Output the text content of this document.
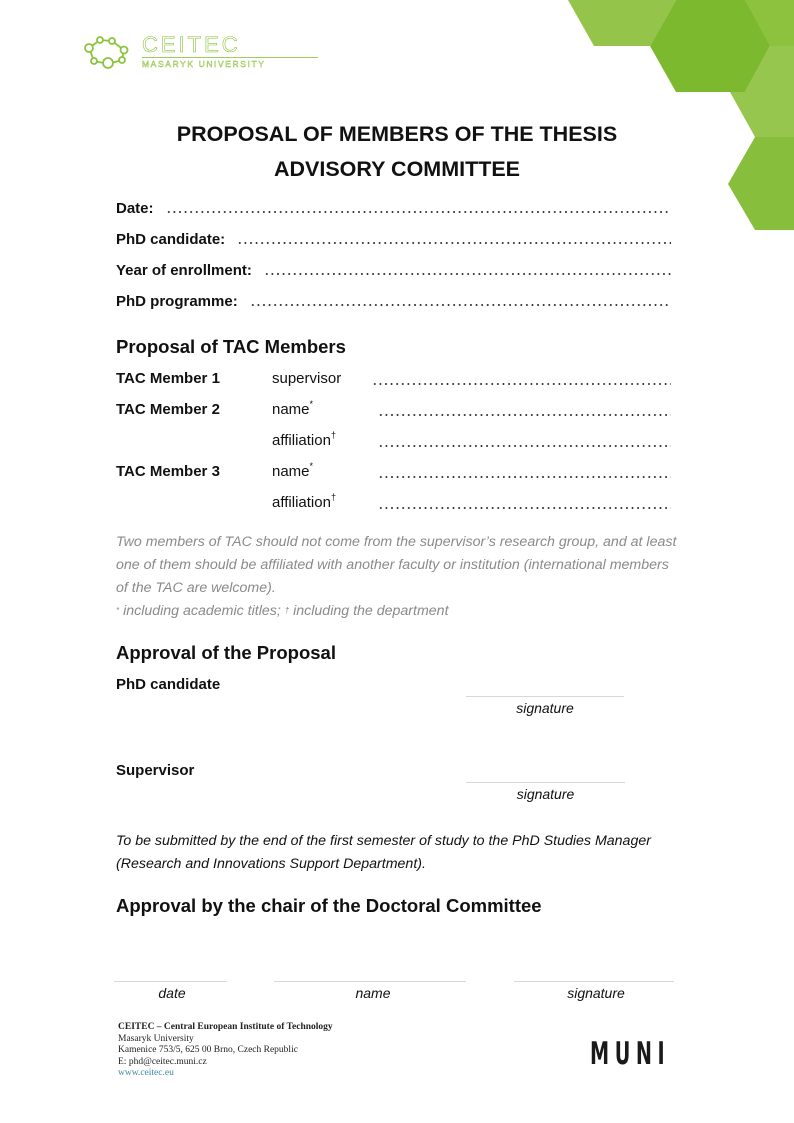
CEITEC
MASARYK UNIVERSITY
PROPOSAL OF MEMBERS OF THE THESIS
ADVISORY COMMITTEE
Date:
PhD candidate:
Year of enrollment:
PhD programme:
Proposal of TAC Members
TAC Member 1	supervisor
TAC Member 2	name*
affiliation†
TAC Member 3	name*
affiliation†
Two members of TAC should not come from the supervisor’s research group, and at least
one of them should be affiliated with another faculty or institution (international members
of the TAC are welcome).
* including academic titles; † including the department
Approval of the Proposal
PhD candidate
signature
Supervisor
signature
To be submitted by the end of the first semester of study to the PhD Studies Manager
(Research and Innovations Support Department).
Approval by the chair of the Doctoral Committee
date	name	signature
CEITEC – Central European Institute of Technology
Masaryk University
Kamenice 753/5, 625 00 Brno, Czech Republic
E: phd@ceitec.muni.cz
www.ceitec.eu
MUNI
